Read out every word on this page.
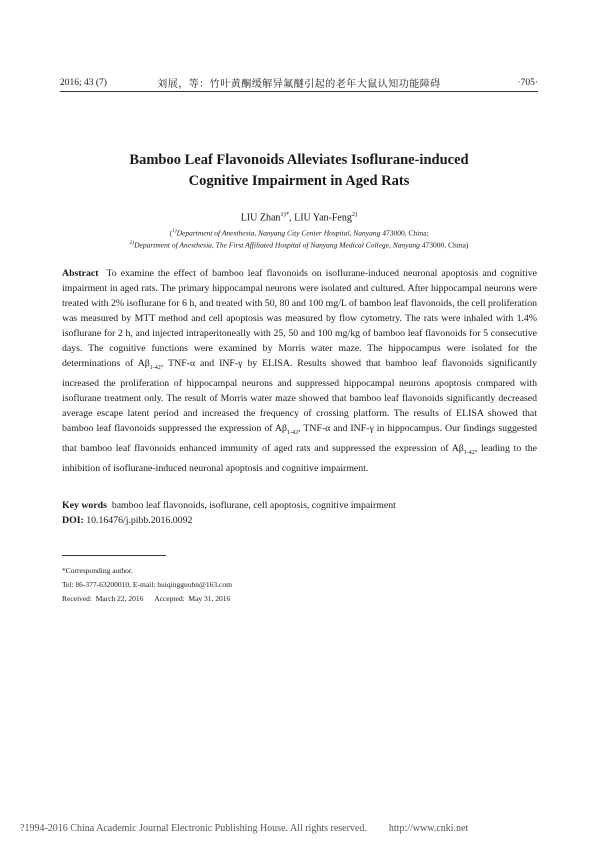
2016; 43 (7)	刘展，等：竹叶黄酮缓解异氟醚引起的老年大鼠认知功能障碍	·705·
Bamboo Leaf Flavonoids Alleviates Isoflurane-induced
Cognitive Impairment in Aged Rats
LIU Zhan$^{1)*}$, LIU Yan-Feng$^{2)}$
($^{1)}$Department of Anesthesia, Nanyang City Center Hospital, Nanyang 473000, China;
$^{2)}$Department of Anesthesia, The First Affiliated Hospital of Nanyang Medical College, Nanyang 473000, China)
Abstract To examine the effect of bamboo leaf flavonoids on isoflurane-induced neuronal apoptosis and cognitive impairment in aged rats. The primary hippocampal neurons were isolated and cultured. After hippocampal neurons were treated with 2% isoflurane for 6 h, and treated with 50, 80 and 100 mg/L of bamboo leaf flavonoids, the cell proliferation was measured by MTT method and cell apoptosis was measured by flow cytometry. The rats were inhaled with 1.4% isoflurane for 2 h, and injected intraperitoneally with 25, 50 and 100 mg/kg of bamboo leaf flavonoids for 5 consecutive days. The cognitive functions were examined by Morris water maze. The hippocampus were isolated for the determinations of $A\beta_{1-42}$, TNF-α and INF-γ by ELISA. Results showed that bamboo leaf flavonoids significantly increased the proliferation of hippocampal neurons and suppressed hippocampal neurons apoptosis compared with isoflurane treatment only. The result of Morris water maze showed that bamboo leaf flavonoids significantly decreased average escape latent period and increased the frequency of crossing platform. The results of ELISA showed that bamboo leaf flavonoids suppressed the expression of $A\beta_{1-42}$, TNF-α and INF-γ in hippocampus. Our findings suggested that bamboo leaf flavonoids enhanced immunity of aged rats and suppressed the expression of $A\beta_{1-42}$, leading to the inhibition of isoflurane-induced neuronal apoptosis and cognitive impairment.
Key words bamboo leaf flavonoids, isoflurane, cell apoptosis, cognitive impairment
DOI: 10.16476/j.pibb.2016.0092
*Corresponding author.
Tel: 86-377-63200010, E-mail: huiqingguohn@163.com
Received:  March 22, 2016      Accepted:  May 31, 2016
?1994-2016 China Academic Journal Electronic Publishing House. All rights reserved. http://www.cnki.net
